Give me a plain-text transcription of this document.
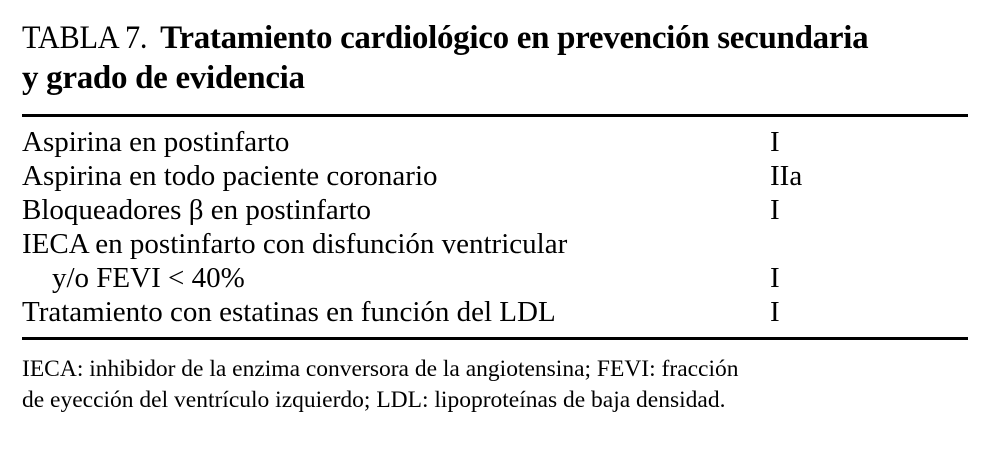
TABLA 7. Tratamiento cardiológico en prevención secundaria
y grado de evidencia
Aspirina en postinfarto	I
Aspirina en todo paciente coronario	IIa
Bloqueadores β en postinfarto	I
IECA en postinfarto con disfunción ventricular
y/o FEVI < 40%	I
Tratamiento con estatinas en función del LDL	I
IECA: inhibidor de la enzima conversora de la angiotensina; FEVI: fracción
de eyección del ventrículo izquierdo; LDL: lipoproteínas de baja densidad.
